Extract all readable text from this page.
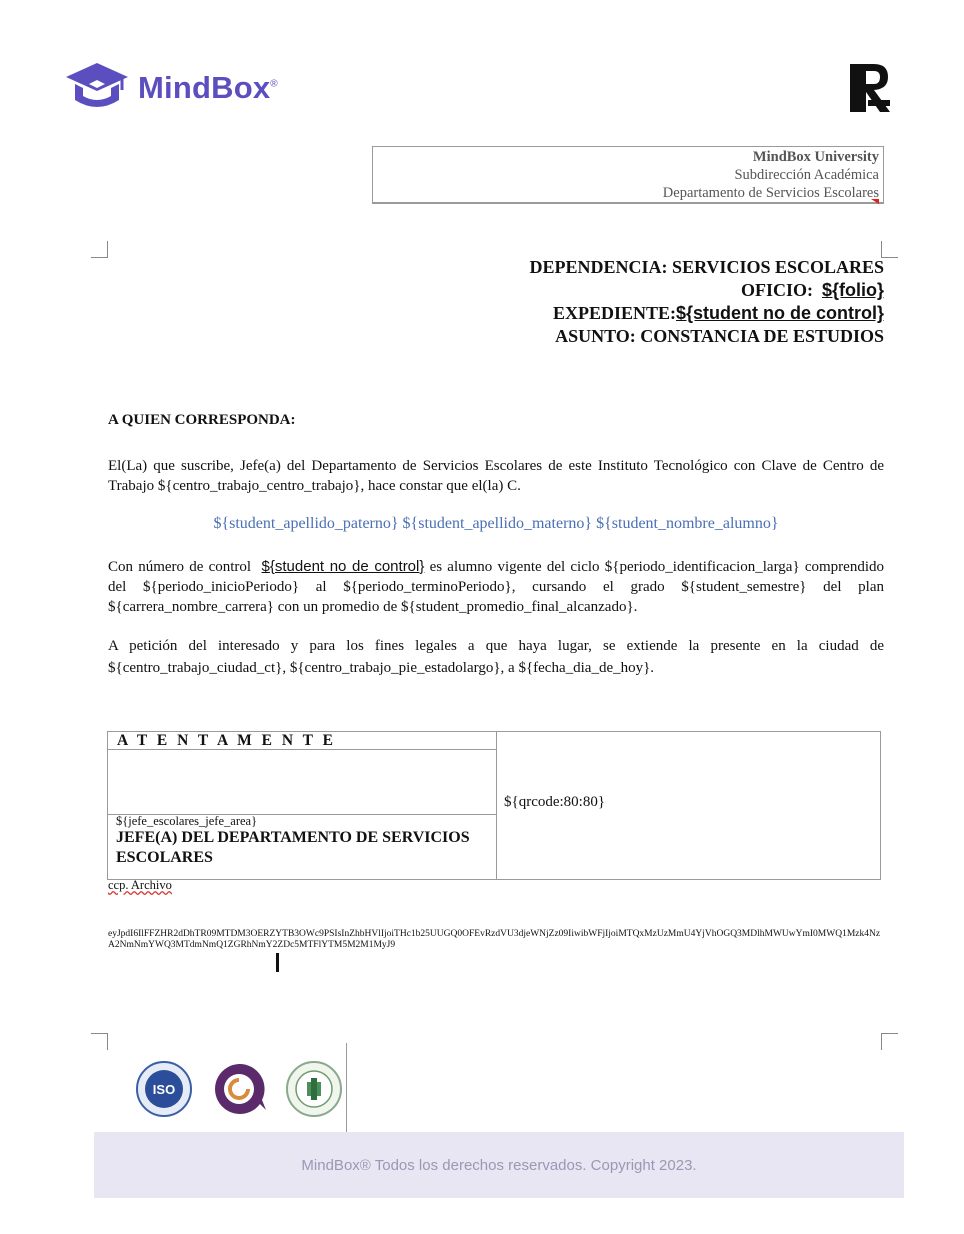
MindBox®
MindBox University
Subdirección Académica
Departamento de Servicios Escolares
DEPENDENCIA: SERVICIOS ESCOLARES
OFICIO: ${folio}
EXPEDIENTE:${student no de control}
ASUNTO: CONSTANCIA DE ESTUDIOS
A QUIEN CORRESPONDA:
El(La) que suscribe, Jefe(a) del Departamento de Servicios Escolares de este Instituto Tecnológico con Clave de Centro de Trabajo ${centro_trabajo_centro_trabajo}, hace constar que el(la) C.
${student_apellido_paterno} ${student_apellido_materno} ${student_nombre_alumno}
Con número de control ${student no de control} es alumno vigente del ciclo ${periodo_identificacion_larga} comprendido del ${periodo_inicioPeriodo} al ${periodo_terminoPeriodo}, cursando el grado ${student_semestre} del plan ${carrera_nombre_carrera} con un promedio de ${student_promedio_final_alcanzado}.
A petición del interesado y para los fines legales a que haya lugar, se extiende la presente en la ciudad de ${centro_trabajo_ciudad_ct}, ${centro_trabajo_pie_estadolargo}, a ${fecha_dia_de_hoy}.
A T E N T A M E N T E
${jefe_escolares_jefe_area}
JEFE(A) DEL DEPARTAMENTO DE SERVICIOS ESCOLARES
${qrcode:80:80}
ccp. Archivo
eyJpdI6IlFFZHR2dDhTR09MTDM3OERZYTB3OWc9PSIsInZhbHVlIjoiTHc1b25UUGQ0OFEvRzdVU3djeWNjZz09IiwibWFjIjoiMTQxMzUzMmU4YjVhOGQ3MDlhMWUwYmI0MWQ1Mzk4NzA2NmNmYWQ3MTdmNmQ1ZGRhNmY2ZDc5MTFlYTM5M2M1MyJ9
ISO
MindBox® Todos los derechos reservados. Copyright 2023.
